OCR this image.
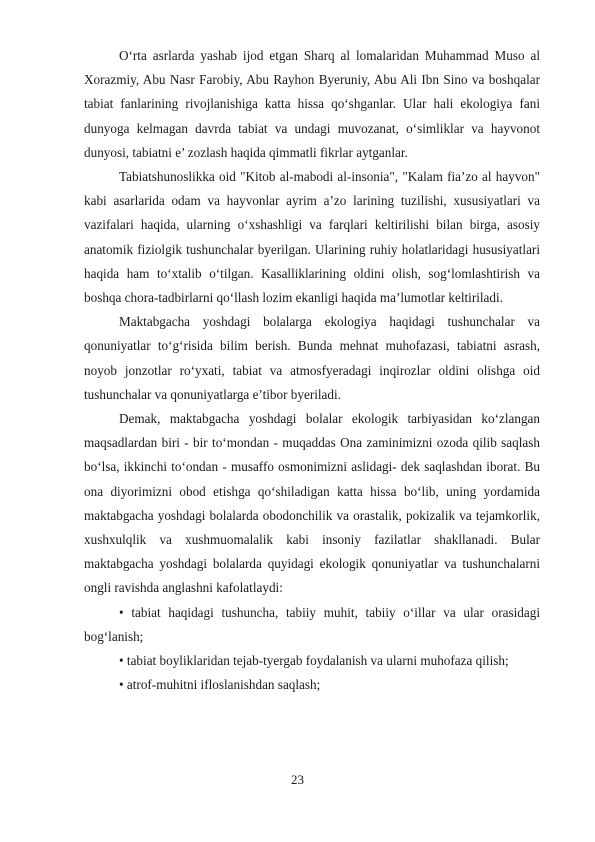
O‘rta asrlarda yashab ijod etgan Sharq al lomalaridan Muhammad Muso al Xorazmiy, Abu Nasr Farobiy, Abu Rayhon Byeruniy, Abu Ali Ibn Sino va boshqalar tabiat fanlarining rivojlanishiga katta hissa qo‘shganlar. Ular hali ekologiya fani dunyoga kelmagan davrda tabiat va undagi muvozanat, o‘simliklar va hayvonot dunyosi, tabiatni e’ zozlash haqida qimmatli fikrlar aytganlar.

Tabiatshunoslikka oid "Kitob al-mabodi al-insonia", "Kalam fia’zo al hayvon" kabi asarlarida odam va hayvonlar ayrim a’zo larining tuzilishi, xususiyatlari va vazifalari haqida, ularning o‘xshashligi va farqlari keltirilishi bilan birga, asosiy anatomik fiziolgik tushunchalar byerilgan. Ularining ruhiy holatlaridagi hususiyatlari haqida ham to‘xtalib o‘tilgan. Kasalliklarining oldini olish, sog‘lomlashtirish va boshqa chora-tadbirlarni qo‘llash lozim ekanligi haqida ma’lumotlar keltiriladi.

Maktabgacha yoshdagi bolalarga ekologiya haqidagi tushunchalar va qonuniyatlar to‘g‘risida bilim berish. Bunda mehnat muhofazasi, tabiatni asrash, noyob jonzotlar ro‘yxati, tabiat va atmosfyeradagi inqirozlar oldini olishga oid tushunchalar va qonuniyatlarga e’tibor byeriladi.

Demak, maktabgacha yoshdagi bolalar ekologik tarbiyasidan ko‘zlangan maqsadlardan biri - bir to‘mondan - muqaddas Ona zaminimizni ozoda qilib saqlash bo‘lsa, ikkinchi to‘ondan - musaffo osmonimizni aslidagi- dek saqlashdan iborat. Bu ona diyorimizni obod etishga qo‘shiladigan katta hissa bo‘lib, uning yordamida maktabgacha yoshdagi bolalarda obodonchilik va orastalik, pokizalik va tejamkorlik, xushxulqlik va xushmuomalalik kabi insoniy fazilatlar shakllanadi. Bular maktabgacha yoshdagi bolalarda quyidagi ekologik qonuniyatlar va tushunchalarni ongli ravishda anglashni kafolatlaydi:

• tabiat haqidagi tushuncha, tabiiy muhit, tabiiy o‘illar va ular orasidagi bog‘lanish;

• tabiat boyliklaridan tejab-tyergab foydalanish va ularni muhofaza qilish;

• atrof-muhitni ifloslanishdan saqlash;

23
